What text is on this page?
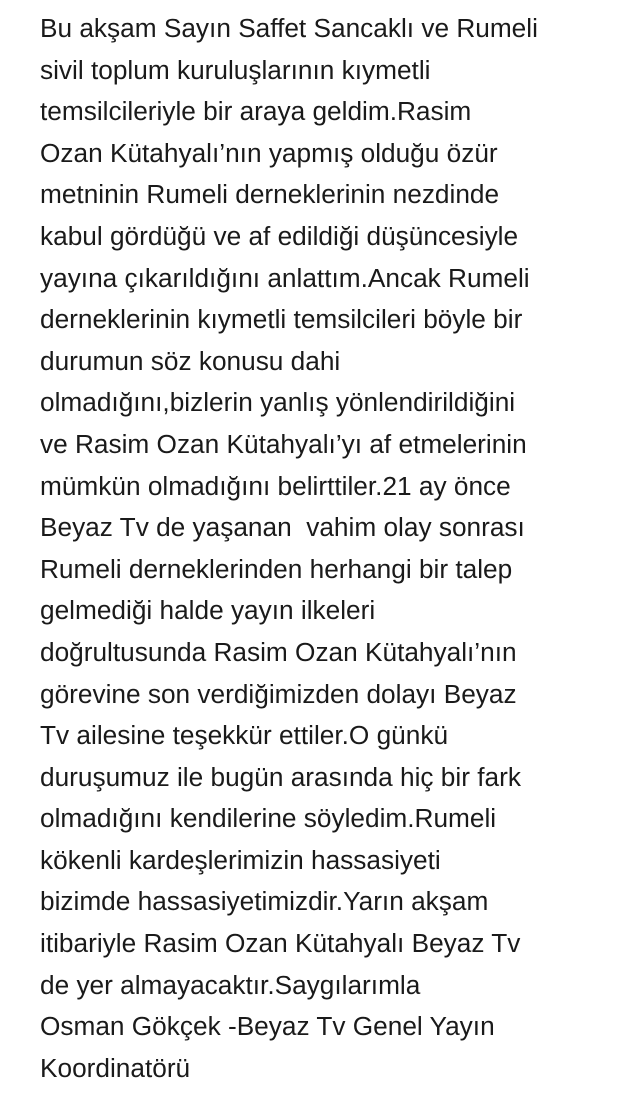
Bu akşam Sayın Saffet Sancaklı ve Rumeli

sivil toplum kuruluşlarının kıymetli

temsilcileriyle bir araya geldim.Rasim

Ozan Kütahyalı’nın yapmış olduğu özür

metninin Rumeli derneklerinin nezdinde

kabul gördüğü ve af edildiği düşüncesiyle

yayına çıkarıldığını anlattım.Ancak Rumeli

derneklerinin kıymetli temsilcileri böyle bir

durumun söz konusu dahi

olmadığını,bizlerin yanlış yönlendirildiğini

ve Rasim Ozan Kütahyalı’yı af etmelerinin

mümkün olmadığını belirttiler.21 ay önce

Beyaz Tv de yaşanan  vahim olay sonrası

Rumeli derneklerinden herhangi bir talep

gelmediği halde yayın ilkeleri

doğrultusunda Rasim Ozan Kütahyalı’nın

görevine son verdiğimizden dolayı Beyaz

Tv ailesine teşekkür ettiler.O günkü

duruşumuz ile bugün arasında hiç bir fark

olmadığını kendilerine söyledim.Rumeli

kökenli kardeşlerimizin hassasiyeti

bizimde hassasiyetimizdir.Yarın akşam

itibariyle Rasim Ozan Kütahyalı Beyaz Tv

de yer almayacaktır.Saygılarımla

Osman Gökçek -Beyaz Tv Genel Yayın

Koordinatörü
